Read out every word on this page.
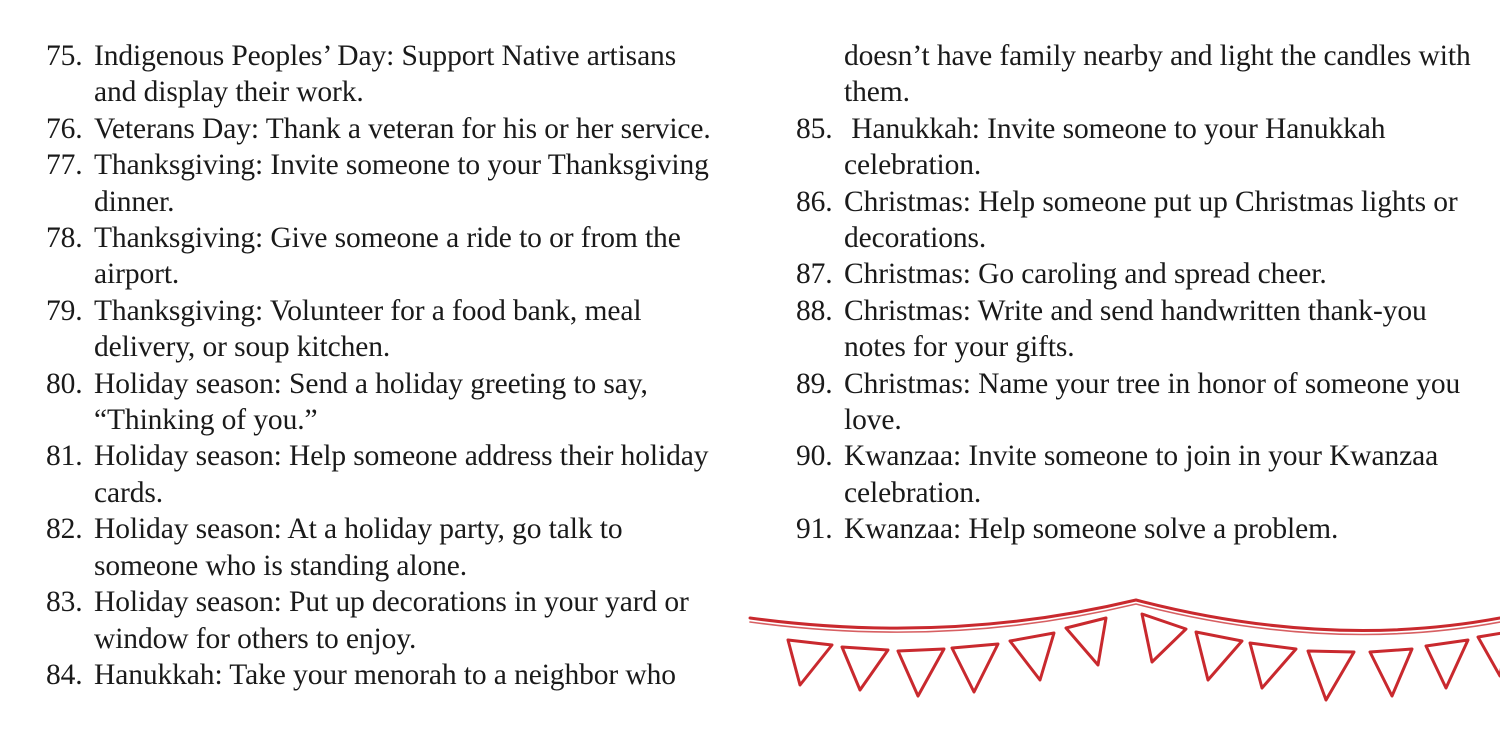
75. Indigenous Peoples’ Day: Support Native artisans and display their work.
76. Veterans Day: Thank a veteran for his or her service.
77. Thanksgiving: Invite someone to your Thanksgiving dinner.
78. Thanksgiving: Give someone a ride to or from the airport.
79. Thanksgiving: Volunteer for a food bank, meal delivery, or soup kitchen.
80. Holiday season: Send a holiday greeting to say, “Thinking of you.”
81. Holiday season: Help someone address their holiday cards.
82. Holiday season: At a holiday party, go talk to someone who is standing alone.
83. Holiday season: Put up decorations in your yard or window for others to enjoy.
84. Hanukkah: Take your menorah to a neighbor who
doesn’t have family nearby and light the candles with them.
85. Hanukkah: Invite someone to your Hanukkah celebration.
86. Christmas: Help someone put up Christmas lights or decorations.
87. Christmas: Go caroling and spread cheer.
88. Christmas: Write and send handwritten thank-you notes for your gifts.
89. Christmas: Name your tree in honor of someone you love.
90. Kwanzaa: Invite someone to join in your Kwanzaa celebration.
91. Kwanzaa: Help someone solve a problem.
